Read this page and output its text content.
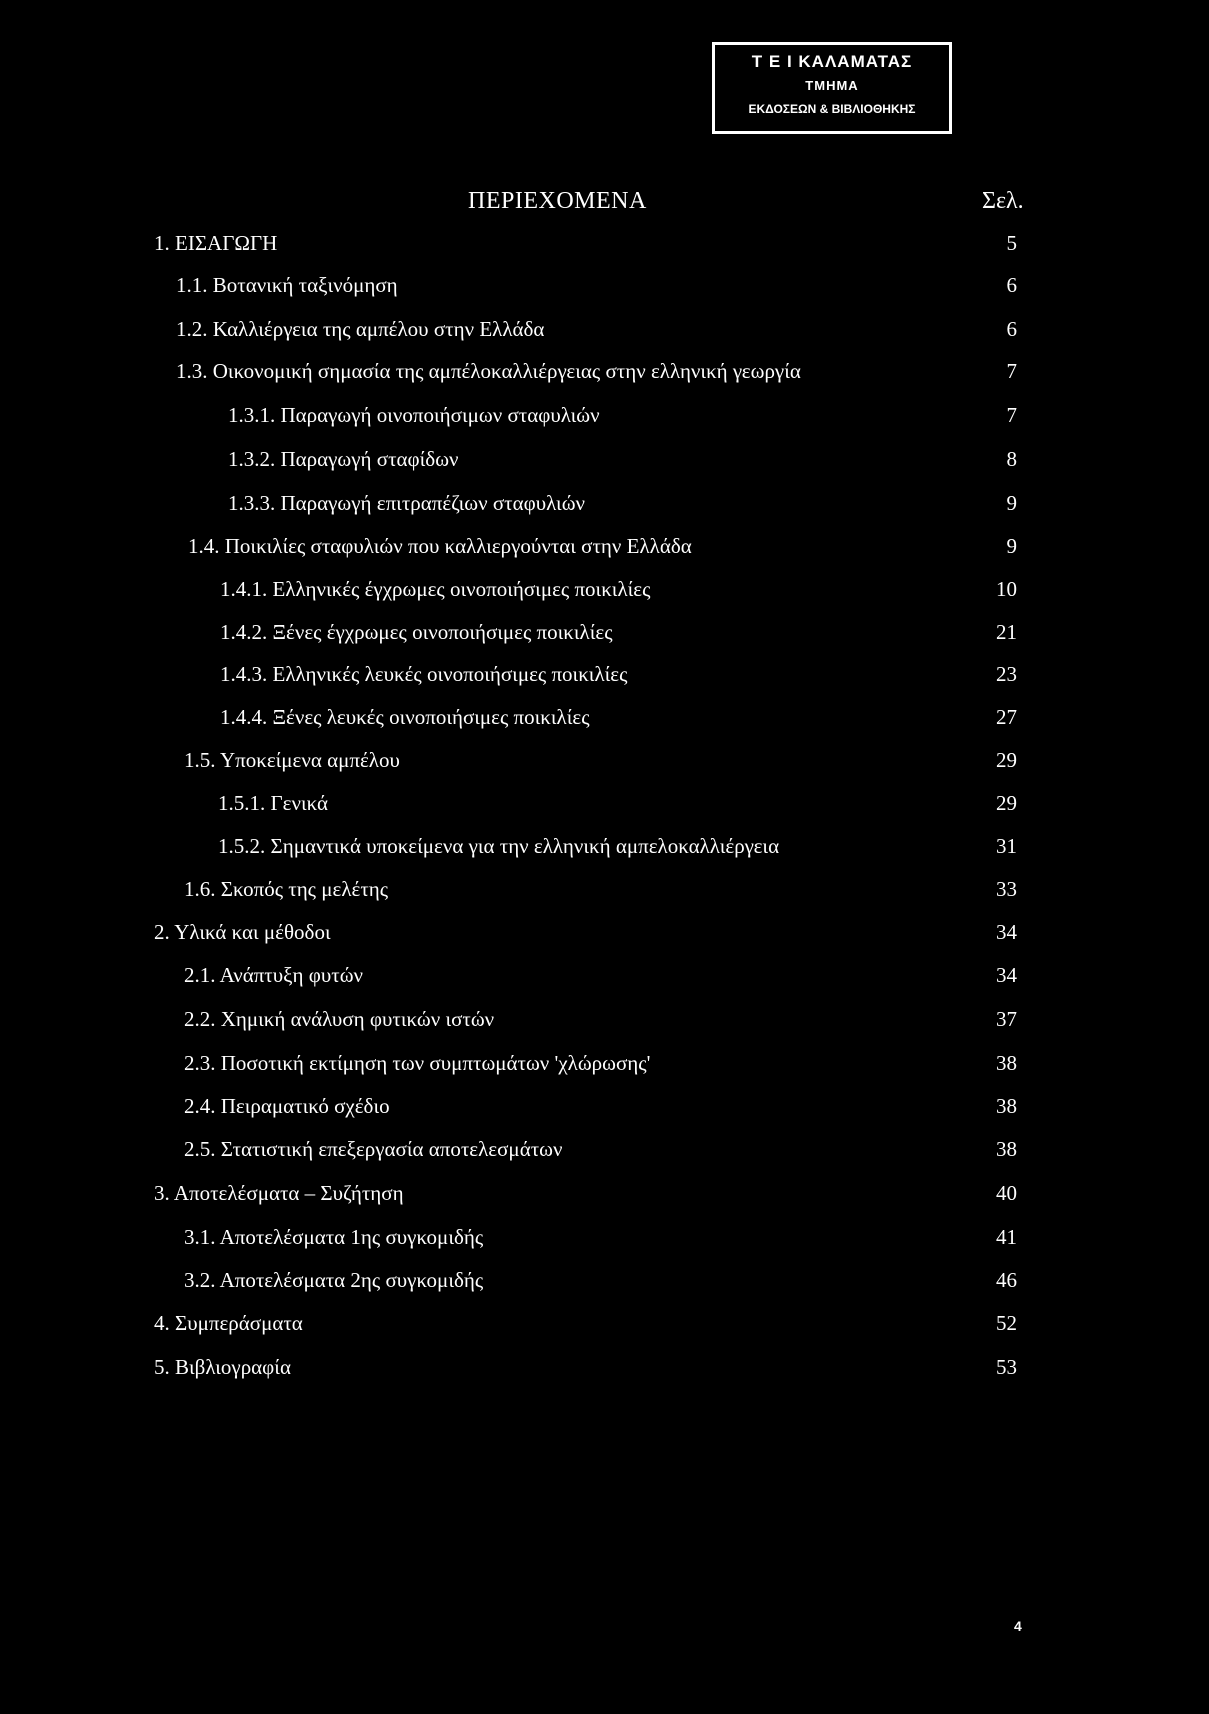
Τ Ε Ι ΚΑΛΑΜΑΤΑΣ
ΤΜΗΜΑ
ΕΚΔΟΣΕΩΝ & ΒΙΒΛΙΟΘΗΚΗΣ
ΠΕΡΙΕΧΟΜΕΝΑ	Σελ.
1. ΕΙΣΑΓΩΓΗ	5
1.1. Βοτανική ταξινόμηση	6
1.2. Καλλιέργεια της αμπέλου στην Ελλάδα	6
1.3. Οικονομική σημασία της αμπέλοκαλλιέργειας στην ελληνική γεωργία	7
1.3.1. Παραγωγή οινοποιήσιμων σταφυλιών	7
1.3.2. Παραγωγή σταφίδων	8
1.3.3. Παραγωγή επιτραπέζιων σταφυλιών	9
1.4. Ποικιλίες σταφυλιών που καλλιεργούνται στην Ελλάδα	9
1.4.1. Ελληνικές έγχρωμες οινοποιήσιμες ποικιλίες	10
1.4.2. Ξένες έγχρωμες οινοποιήσιμες ποικιλίες	21
1.4.3. Ελληνικές λευκές οινοποιήσιμες ποικιλίες	23
1.4.4. Ξένες λευκές οινοποιήσιμες ποικιλίες	27
1.5. Υποκείμενα αμπέλου	29
1.5.1. Γενικά	29
1.5.2. Σημαντικά υποκείμενα για την ελληνική αμπελοκαλλιέργεια	31
1.6. Σκοπός της μελέτης	33
2. Υλικά και μέθοδοι	34
2.1. Ανάπτυξη φυτών	34
2.2. Χημική ανάλυση φυτικών ιστών	37
2.3. Ποσοτική εκτίμηση των συμπτωμάτων 'χλώρωσης'	38
2.4. Πειραματικό σχέδιο	38
2.5. Στατιστική επεξεργασία αποτελεσμάτων	38
3. Αποτελέσματα – Συζήτηση	40
3.1. Αποτελέσματα 1ης συγκομιδής	41
3.2. Αποτελέσματα 2ης συγκομιδής	46
4. Συμπεράσματα	52
5. Βιβλιογραφία	53
4
